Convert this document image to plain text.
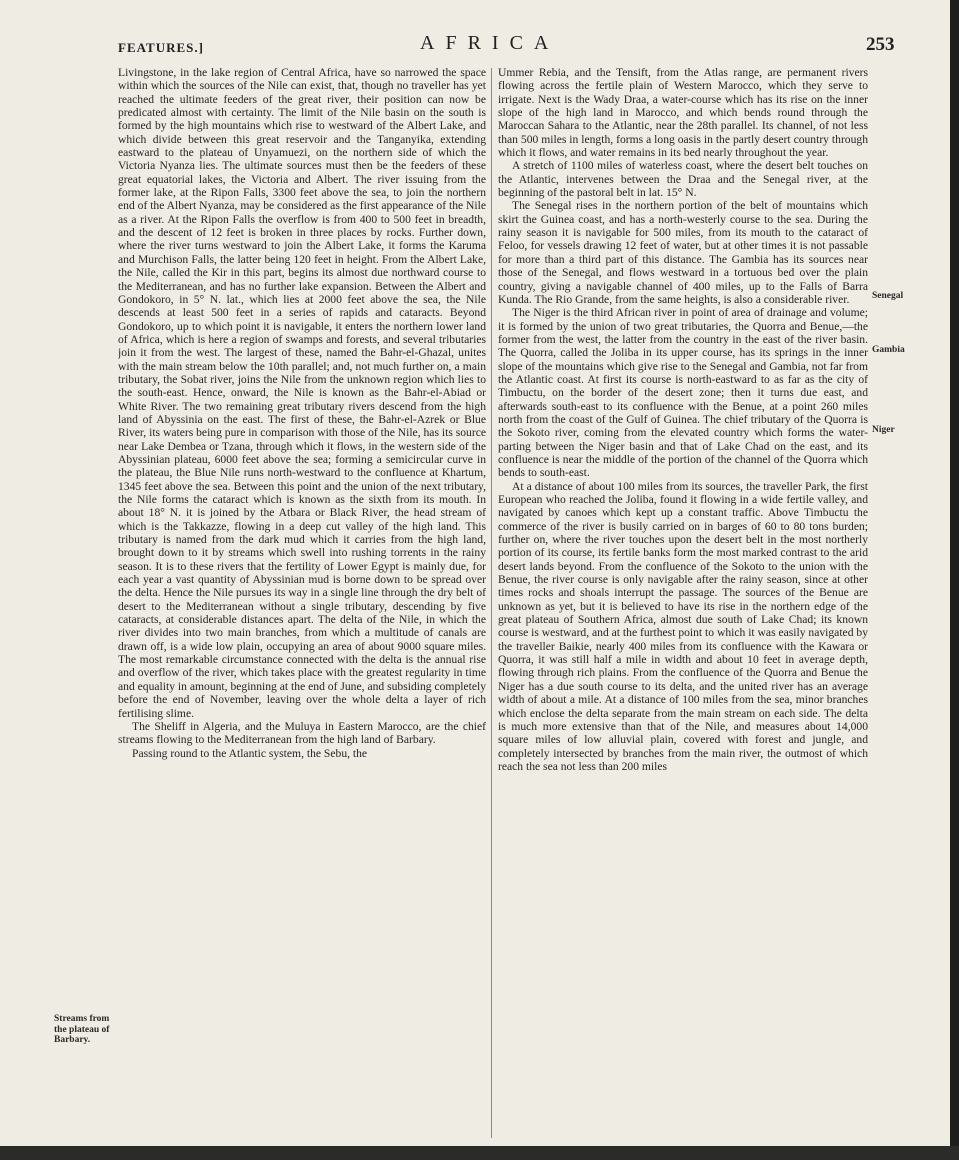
FEATURES.]	AFRICA	253

Livingstone, in the lake region of Central Africa, have so narrowed the space within which the sources of the Nile can exist, that, though no traveller has yet reached the ultimate feeders of the great river, their position can now be predicated almost with certainty. The limit of the Nile basin on the south is formed by the high mountains which rise to westward of the Albert Lake, and which divide between this great reservoir and the Tanganyika, extending eastward to the plateau of Unyamuezi, on the northern side of which the Victoria Nyanza lies. The ultimate sources must then be the feeders of these great equatorial lakes, the Victoria and Albert. The river issuing from the former lake, at the Ripon Falls, 3300 feet above the sea, to join the northern end of the Albert Nyanza, may be considered as the first appearance of the Nile as a river. At the Ripon Falls the overflow is from 400 to 500 feet in breadth, and the descent of 12 feet is broken in three places by rocks. Further down, where the river turns westward to join the Albert Lake, it forms the Karuma and Murchison Falls, the latter being 120 feet in height. From the Albert Lake, the Nile, called the Kir in this part, begins its almost due northward course to the Mediterranean, and has no further lake expansion. Between the Albert and Gondokoro, in 5° N. lat., which lies at 2000 feet above the sea, the Nile descends at least 500 feet in a series of rapids and cataracts. Beyond Gondokoro, up to which point it is navigable, it enters the northern lower land of Africa, which is here a region of swamps and forests, and several tributaries join it from the west. The largest of these, named the Bahr-el-Ghazal, unites with the main stream below the 10th parallel; and, not much further on, a main tributary, the Sobat river, joins the Nile from the unknown region which lies to the south-east. Hence, onward, the Nile is known as the Bahr-el-Abiad or White River. The two remaining great tributary rivers descend from the high land of Abyssinia on the east. The first of these, the Bahr-el-Azrek or Blue River, its waters being pure in comparison with those of the Nile, has its source near Lake Dembea or Tzana, through which it flows, in the western side of the Abyssinian plateau, 6000 feet above the sea; forming a semicircular curve in the plateau, the Blue Nile runs north-westward to the confluence at Khartum, 1345 feet above the sea. Between this point and the union of the next tributary, the Nile forms the cataract which is known as the sixth from its mouth. In about 18° N. it is joined by the Atbara or Black River, the head stream of which is the Takkazze, flowing in a deep cut valley of the high land. This tributary is named from the dark mud which it carries from the high land, brought down to it by streams which swell into rushing torrents in the rainy season. It is to these rivers that the fertility of Lower Egypt is mainly due, for each year a vast quantity of Abyssinian mud is borne down to be spread over the delta. Hence the Nile pursues its way in a single line through the dry belt of desert to the Mediterranean without a single tributary, descending by five cataracts, at considerable distances apart. The delta of the Nile, in which the river divides into two main branches, from which a multitude of canals are drawn off, is a wide low plain, occupying an area of about 9000 square miles. The most remarkable circumstance connected with the delta is the annual rise and overflow of the river, which takes place with the greatest regularity in time and equality in amount, beginning at the end of June, and subsiding completely before the end of November, leaving over the whole delta a layer of rich fertilising slime.

The Sheliff in Algeria, and the Muluya in Eastern Marocco, are the chief streams flowing to the Mediterranean from the high land of Barbary.

Passing round to the Atlantic system, the Sebu, the

Ummer Rebia, and the Tensift, from the Atlas range, are permanent rivers flowing across the fertile plain of Western Marocco, which they serve to irrigate. Next is the Wady Draa, a water-course which has its rise on the inner slope of the high land in Marocco, and which bends round through the Maroccan Sahara to the Atlantic, near the 28th parallel. Its channel, of not less than 500 miles in length, forms a long oasis in the partly desert country through which it flows, and water remains in its bed nearly throughout the year.

A stretch of 1100 miles of waterless coast, where the desert belt touches on the Atlantic, intervenes between the Draa and the Senegal river, at the beginning of the pastoral belt in lat. 15° N.

The Senegal rises in the northern portion of the belt of mountains which skirt the Guinea coast, and has a north-westerly course to the sea. During the rainy season it is navigable for 500 miles, from its mouth to the cataract of Feloo, for vessels drawing 12 feet of water, but at other times it is not passable for more than a third part of this distance. The Gambia has its sources near those of the Senegal, and flows westward in a tortuous bed over the plain country, giving a navigable channel of 400 miles, up to the Falls of Barra Kunda. The Rio Grande, from the same heights, is also a considerable river.

The Niger is the third African river in point of area of drainage and volume; it is formed by the union of two great tributaries, the Quorra and Benue,—the former from the west, the latter from the country in the east of the river basin. The Quorra, called the Joliba in its upper course, has its springs in the inner slope of the mountains which give rise to the Senegal and Gambia, not far from the Atlantic coast. At first its course is north-eastward to as far as the city of Timbuctu, on the border of the desert zone; then it turns due east, and afterwards south-east to its confluence with the Benue, at a point 260 miles north from the coast of the Gulf of Guinea. The chief tributary of the Quorra is the Sokoto river, coming from the elevated country which forms the water-parting between the Niger basin and that of Lake Chad on the east, and its confluence is near the middle of the portion of the channel of the Quorra which bends to south-east.

At a distance of about 100 miles from its sources, the traveller Park, the first European who reached the Joliba, found it flowing in a wide fertile valley, and navigated by canoes which kept up a constant traffic. Above Timbuctu the commerce of the river is busily carried on in barges of 60 to 80 tons burden; further on, where the river touches upon the desert belt in the most northerly portion of its course, its fertile banks form the most marked contrast to the arid desert lands beyond. From the confluence of the Sokoto to the union with the Benue, the river course is only navigable after the rainy season, since at other times rocks and shoals interrupt the passage. The sources of the Benue are unknown as yet, but it is believed to have its rise in the northern edge of the great plateau of Southern Africa, almost due south of Lake Chad; its known course is westward, and at the furthest point to which it was easily navigated by the traveller Baikie, nearly 400 miles from its confluence with the Kawara or Quorra, it was still half a mile in width and about 10 feet in average depth, flowing through rich plains. From the confluence of the Quorra and Benue the Niger has a due south course to its delta, and the united river has an average width of about a mile. At a distance of 100 miles from the sea, minor branches which enclose the delta separate from the main stream on each side. The delta is much more extensive than that of the Nile, and measures about 14,000 square miles of low alluvial plain, covered with forest and jungle, and completely intersected by branches from the main river, the outmost of which reach the sea not less than 200 miles

Streams from the plateau of Barbary.
Senegal
Gambia
Niger
